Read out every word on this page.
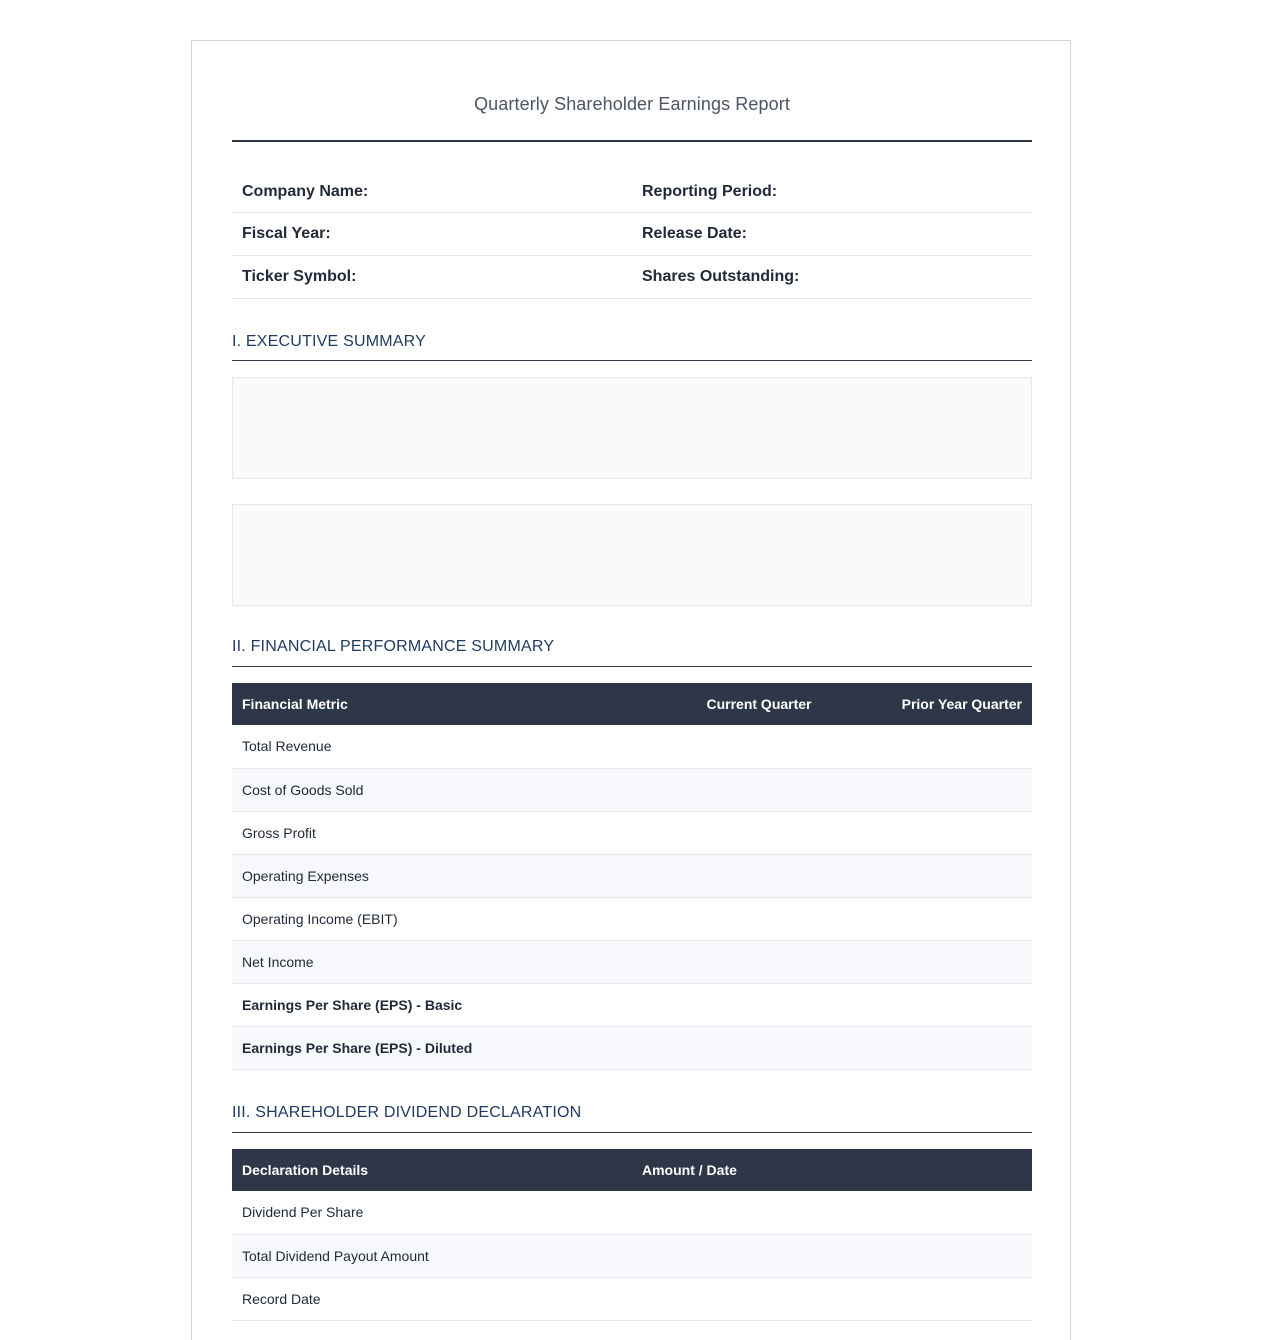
Quarterly Shareholder Earnings Report
Company Name:	Reporting Period:
Fiscal Year:	Release Date:
Ticker Symbol:	Shares Outstanding:
I. EXECUTIVE SUMMARY
II. FINANCIAL PERFORMANCE SUMMARY
Financial Metric	Current Quarter	Prior Year Quarter
Total Revenue		
Cost of Goods Sold		
Gross Profit		
Operating Expenses		
Operating Income (EBIT)		
Net Income		
Earnings Per Share (EPS) - Basic		
Earnings Per Share (EPS) - Diluted		
III. SHAREHOLDER DIVIDEND DECLARATION
Declaration Details	Amount / Date
Dividend Per Share	
Total Dividend Payout Amount	
Record Date	
